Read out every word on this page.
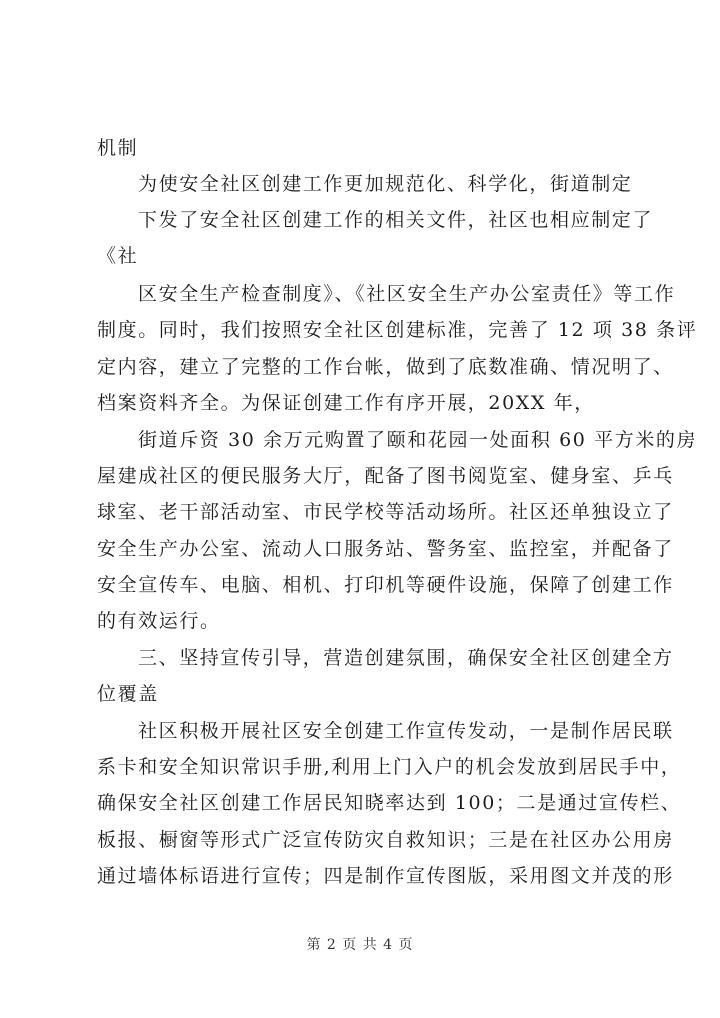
机制
为使安全社区创建工作更加规范化、科学化，街道制定
下发了安全社区创建工作的相关文件，社区也相应制定了
《社
区安全生产检查制度》、《社区安全生产办公室责任》等工作
制度。同时，我们按照安全社区创建标准，完善了 12 项 38 条评
定内容，建立了完整的工作台帐，做到了底数准确、情况明了、
档案资料齐全。为保证创建工作有序开展，20XX 年，
街道斥资 30 余万元购置了颐和花园一处面积 60 平方米的房
屋建成社区的便民服务大厅，配备了图书阅览室、健身室、乒乓
球室、老干部活动室、市民学校等活动场所。社区还单独设立了
安全生产办公室、流动人口服务站、警务室、监控室，并配备了
安全宣传车、电脑、相机、打印机等硬件设施，保障了创建工作
的有效运行。
三、坚持宣传引导，营造创建氛围，确保安全社区创建全方
位覆盖
社区积极开展社区安全创建工作宣传发动，一是制作居民联
系卡和安全知识常识手册,利用上门入户的机会发放到居民手中，
确保安全社区创建工作居民知晓率达到 100；二是通过宣传栏、
板报、橱窗等形式广泛宣传防灾自救知识；三是在社区办公用房
通过墙体标语进行宣传；四是制作宣传图版，采用图文并茂的形
第 2 页 共 4 页
